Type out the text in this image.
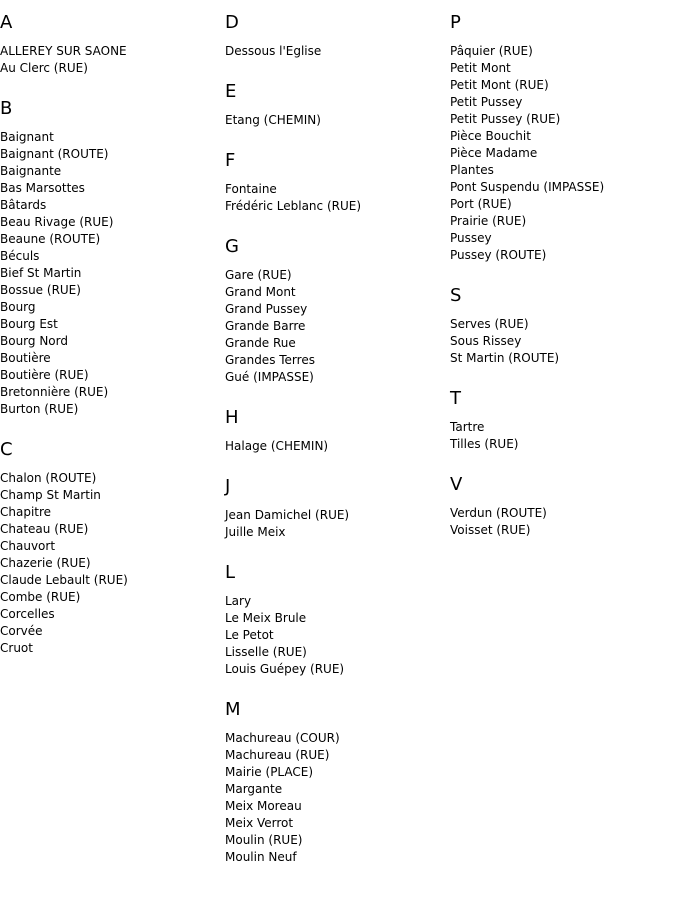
A
ALLEREY SUR SAONE
Au Clerc (RUE)
B
Baignant
Baignant (ROUTE)
Baignante
Bas Marsottes
Bâtards
Beau Rivage (RUE)
Beaune (ROUTE)
Béculs
Bief St Martin
Bossue (RUE)
Bourg
Bourg Est
Bourg Nord
Boutière
Boutière (RUE)
Bretonnière (RUE)
Burton (RUE)
C
Chalon (ROUTE)
Champ St Martin
Chapitre
Chateau (RUE)
Chauvort
Chazerie (RUE)
Claude Lebault (RUE)
Combe (RUE)
Corcelles
Corvée
Cruot
D
Dessous l'Eglise
E
Etang (CHEMIN)
F
Fontaine
Frédéric Leblanc (RUE)
G
Gare (RUE)
Grand Mont
Grand Pussey
Grande Barre
Grande Rue
Grandes Terres
Gué (IMPASSE)
H
Halage (CHEMIN)
J
Jean Damichel (RUE)
Juille Meix
L
Lary
Le Meix Brule
Le Petot
Lisselle (RUE)
Louis Guépey (RUE)
M
Machureau (COUR)
Machureau (RUE)
Mairie (PLACE)
Margante
Meix Moreau
Meix Verrot
Moulin (RUE)
Moulin Neuf
P
Pâquier (RUE)
Petit Mont
Petit Mont (RUE)
Petit Pussey
Petit Pussey (RUE)
Pièce Bouchit
Pièce Madame
Plantes
Pont Suspendu (IMPASSE)
Port (RUE)
Prairie (RUE)
Pussey
Pussey (ROUTE)
S
Serves (RUE)
Sous Rissey
St Martin (ROUTE)
T
Tartre
Tilles (RUE)
V
Verdun (ROUTE)
Voisset (RUE)
